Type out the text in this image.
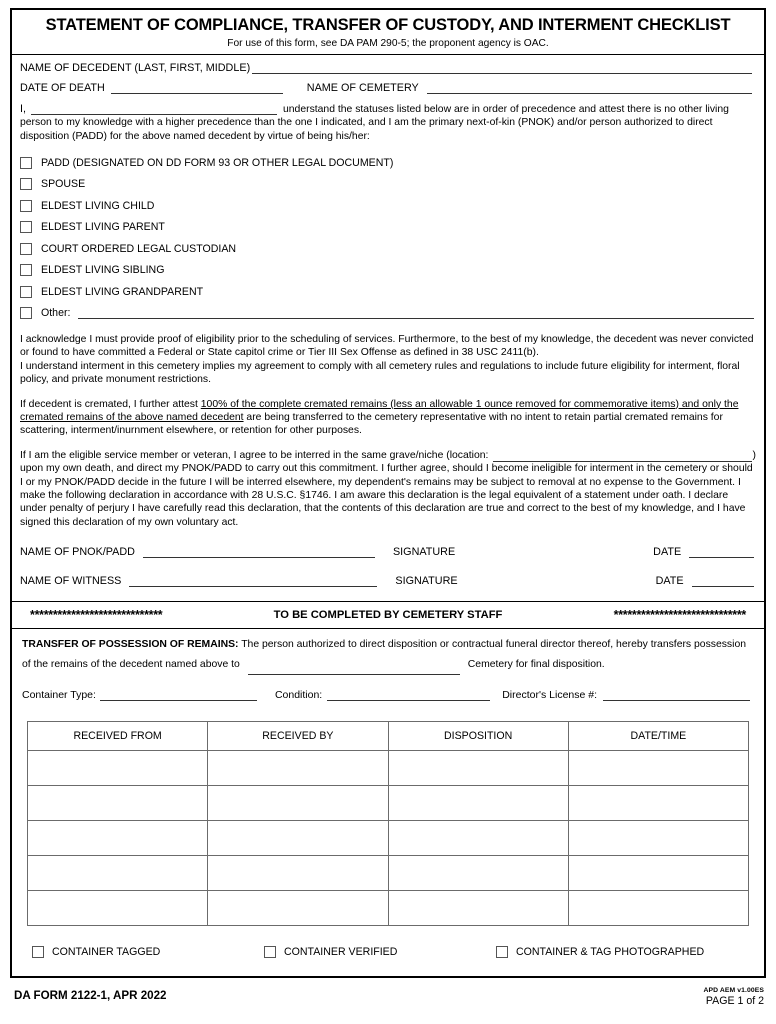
STATEMENT OF COMPLIANCE, TRANSFER OF CUSTODY, AND INTERMENT CHECKLIST
For use of this form, see DA PAM 290-5; the proponent agency is OAC.
NAME OF DECEDENT (LAST, FIRST, MIDDLE)
DATE OF DEATH	NAME OF CEMETERY
I,	understand the statuses listed below are in order of precedence and attest there is no other living
person to my knowledge with a higher precedence than the one I indicated, and I am the primary next-of-kin (PNOK) and/or person authorized to direct disposition (PADD) for the above named decedent by virtue of being his/her:
PADD (DESIGNATED ON DD FORM 93 OR OTHER LEGAL DOCUMENT)
SPOUSE
ELDEST LIVING CHILD
ELDEST LIVING PARENT
COURT ORDERED LEGAL CUSTODIAN
ELDEST LIVING SIBLING
ELDEST LIVING GRANDPARENT
Other:
I acknowledge I must provide proof of eligibility prior to the scheduling of services. Furthermore, to the best of my knowledge, the decedent was never convicted or found to have committed a Federal or State capitol crime or Tier III Sex Offense as defined in 38 USC 2411(b).
I understand interment in this cemetery implies my agreement to comply with all cemetery rules and regulations to include future eligibility for interment, floral policy, and private monument restrictions.
If decedent is cremated, I further attest 100% of the complete cremated remains (less an allowable 1 ounce removed for commemorative items) and only the cremated remains of the above named decedent are being transferred to the cemetery representative with no intent to retain partial cremated remains for scattering, interment/inurnment elsewhere, or retention for other purposes.
If I am the eligible service member or veteran, I agree to be interred in the same grave/niche (location:	)
upon my own death, and direct my PNOK/PADD to carry out this commitment. I further agree, should I become ineligible for interment in the cemetery or should I or my PNOK/PADD decide in the future I will be interred elsewhere, my dependent's remains may be subject to removal at no expense to the Government. I make the following declaration in accordance with 28 U.S.C. §1746. I am aware this declaration is the legal equivalent of a statement under oath. I declare under penalty of perjury I have carefully read this declaration, that the contents of this declaration are true and correct to the best of my knowledge, and I have signed this declaration of my own voluntary act.
NAME OF PNOK/PADD	SIGNATURE	DATE
NAME OF WITNESS	SIGNATURE	DATE
*****************************	TO BE COMPLETED BY CEMETERY STAFF	*****************************
TRANSFER OF POSSESSION OF REMAINS: The person authorized to direct disposition or contractual funeral director thereof, hereby transfers possession
of the remains of the decedent named above to	Cemetery for final disposition.
Container Type:	Condition:	Director's License #:
RECEIVED FROM	RECEIVED BY	DISPOSITION	DATE/TIME

CONTAINER TAGGED	CONTAINER VERIFIED	CONTAINER & TAG PHOTOGRAPHED
DA FORM 2122-1, APR 2022	APD AEM v1.00ES
PAGE 1 of 2
